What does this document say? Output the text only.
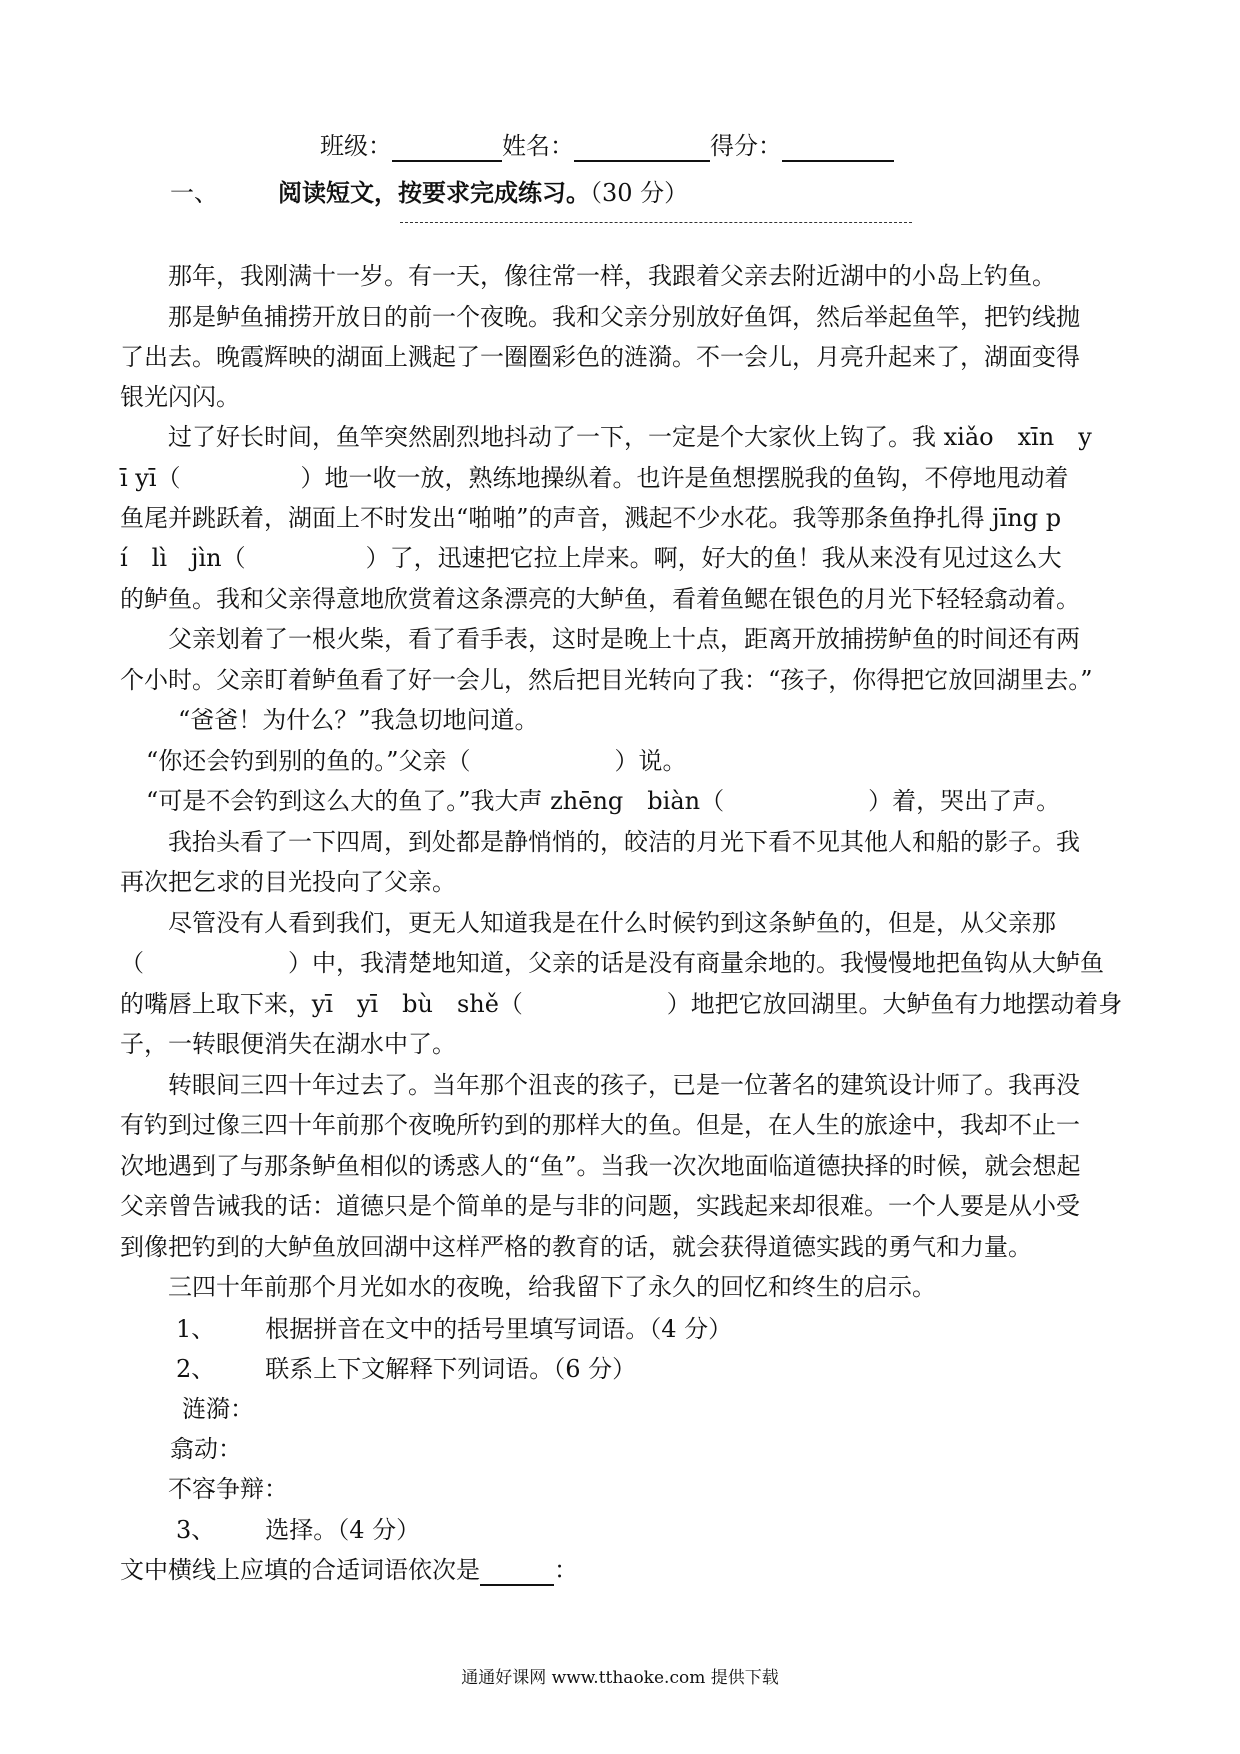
班级：	姓名：	得分：
一、	阅读短文，按要求完成练习。（30 分）

那年，我刚满十一岁。有一天，像往常一样，我跟着父亲去附近湖中的小岛上钓鱼。

那是鲈鱼捕捞开放日的前一个夜晚。我和父亲分别放好鱼饵，然后举起鱼竿，把钓线抛

了出去。晚霞辉映的湖面上溅起了一圈圈彩色的涟漪。不一会儿，月亮升起来了，湖面变得

银光闪闪。

过了好长时间，鱼竿突然剧烈地抖动了一下，一定是个大家伙上钩了。我 xiǎo　xīn　y

ī yī（　　　　　）地一收一放，熟练地操纵着。也许是鱼想摆脱我的鱼钩，不停地甩动着

鱼尾并跳跃着，湖面上不时发出“啪啪”的声音，溅起不少水花。我等那条鱼挣扎得 jīng p

í　lì　jìn（　　　　　）了，迅速把它拉上岸来。啊，好大的鱼！我从来没有见过这么大

的鲈鱼。我和父亲得意地欣赏着这条漂亮的大鲈鱼，看着鱼鳃在银色的月光下轻轻翕动着。

父亲划着了一根火柴，看了看手表，这时是晚上十点，距离开放捕捞鲈鱼的时间还有两

个小时。父亲盯着鲈鱼看了好一会儿，然后把目光转向了我：“孩子，你得把它放回湖里去。”

“爸爸！为什么？”我急切地问道。

“你还会钓到别的鱼的。”父亲（　　　　　　）说。

“可是不会钓到这么大的鱼了。”我大声 zhēng　biàn（　　　　　　）着，哭出了声。

我抬头看了一下四周，到处都是静悄悄的，皎洁的月光下看不见其他人和船的影子。我

再次把乞求的目光投向了父亲。

尽管没有人看到我们，更无人知道我是在什么时候钓到这条鲈鱼的，但是，从父亲那

（　　　　　　）中，我清楚地知道，父亲的话是没有商量余地的。我慢慢地把鱼钩从大鲈鱼

的嘴唇上取下来，yī　yī　bù　shě（　　　　　　）地把它放回湖里。大鲈鱼有力地摆动着身

子，一转眼便消失在湖水中了。

转眼间三四十年过去了。当年那个沮丧的孩子，已是一位著名的建筑设计师了。我再没

有钓到过像三四十年前那个夜晚所钓到的那样大的鱼。但是，在人生的旅途中，我却不止一

次地遇到了与那条鲈鱼相似的诱惑人的“鱼”。当我一次次地面临道德抉择的时候，就会想起

父亲曾告诫我的话：道德只是个简单的是与非的问题，实践起来却很难。一个人要是从小受

到像把钓到的大鲈鱼放回湖中这样严格的教育的话，就会获得道德实践的勇气和力量。

三四十年前那个月光如水的夜晚，给我留下了永久的回忆和终生的启示。

1、 根据拼音在文中的括号里填写词语。（4 分）
2、 联系上下文解释下列词语。（6 分）

涟漪：

翕动：

不容争辩：

3、 选择。（4 分）
文中横线上应填的合适词语依次是	：
通通好课网 www.tthaoke.com 提供下载
